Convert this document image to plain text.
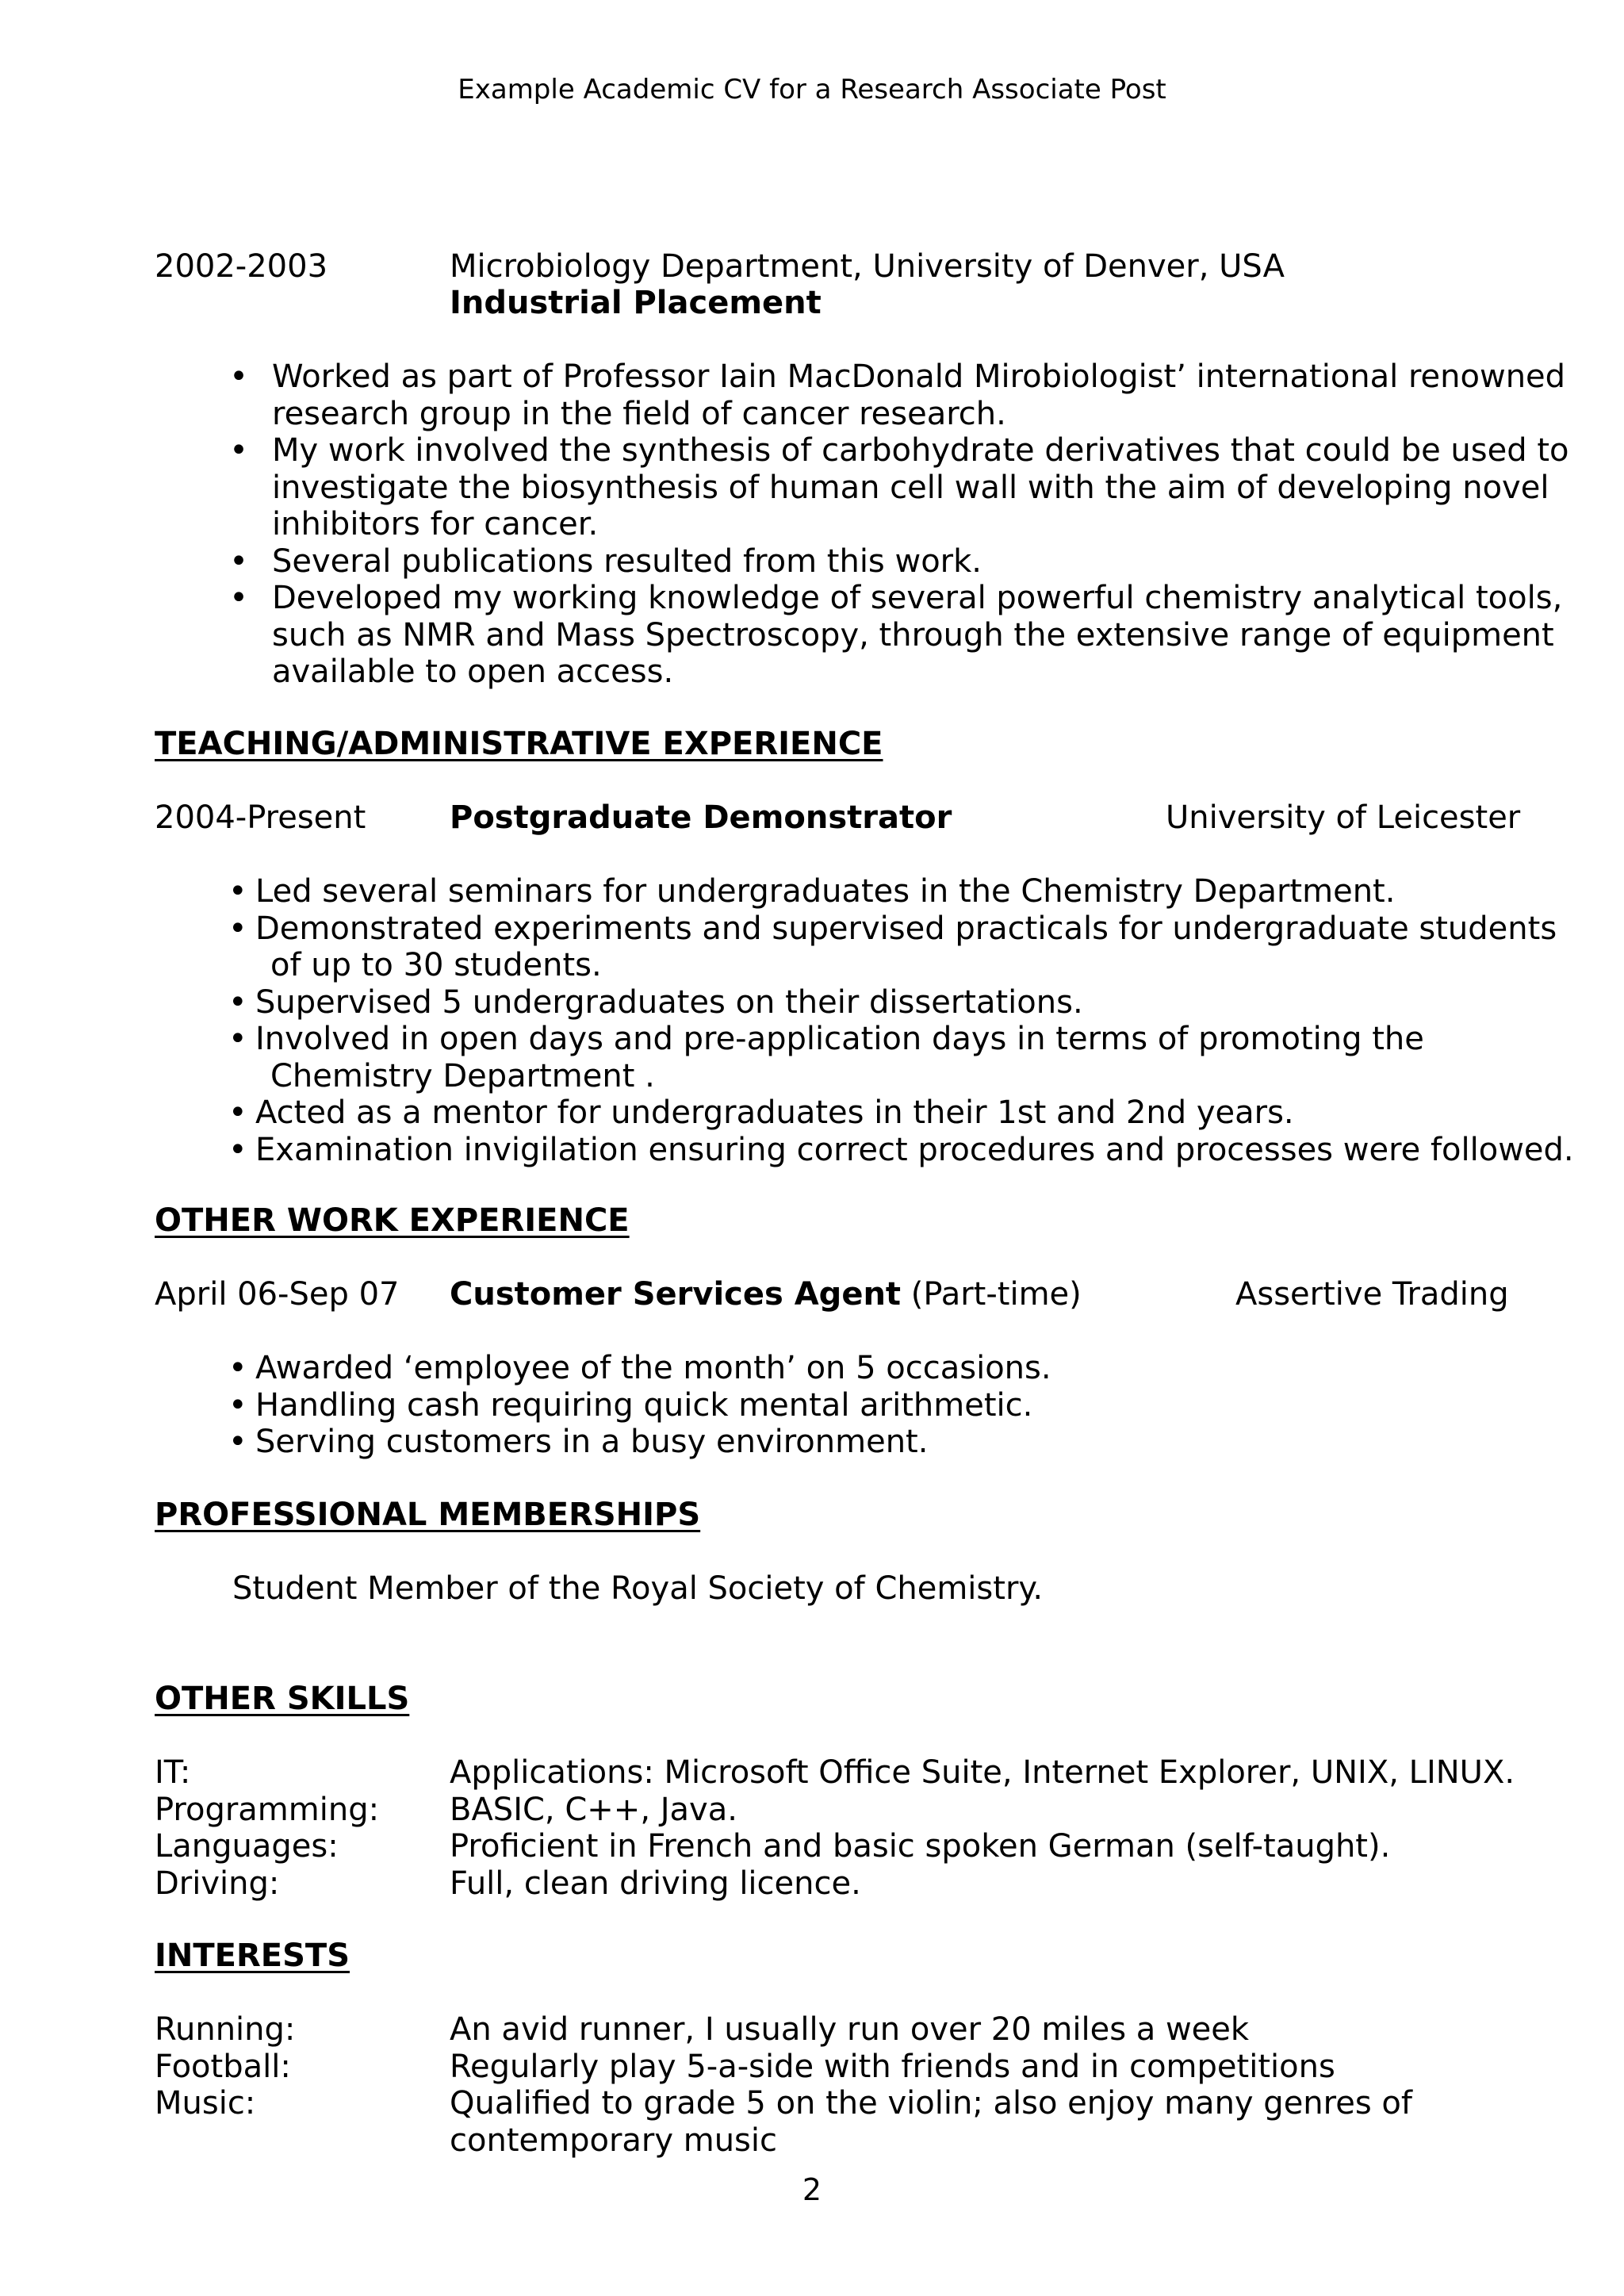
Example Academic CV for a Research Associate Post
2002-2003	Microbiology Department, University of Denver, USA
Industrial Placement
• Worked as part of Professor Iain MacDonald Mirobiologist’ international renowned
research group in the field of cancer research.
• My work involved the synthesis of carbohydrate derivatives that could be used to
investigate the biosynthesis of human cell wall with the aim of developing novel
inhibitors for cancer.
• Several publications resulted from this work.
• Developed my working knowledge of several powerful chemistry analytical tools,
such as NMR and Mass Spectroscopy, through the extensive range of equipment
available to open access.
TEACHING/ADMINISTRATIVE EXPERIENCE
2004-Present	Postgraduate Demonstrator	University of Leicester
• Led several seminars for undergraduates in the Chemistry Department.
• Demonstrated experiments and supervised practicals for undergraduate students
of up to 30 students.
• Supervised 5 undergraduates on their dissertations.
• Involved in open days and pre-application days in terms of promoting the
Chemistry Department .
• Acted as a mentor for undergraduates in their 1st and 2nd years.
• Examination invigilation ensuring correct procedures and processes were followed.
OTHER WORK EXPERIENCE
April 06-Sep 07 Customer Services Agent (Part-time)	Assertive Trading
• Awarded ‘employee of the month’ on 5 occasions.
• Handling cash requiring quick mental arithmetic.
• Serving customers in a busy environment.
PROFESSIONAL MEMBERSHIPS
Student Member of the Royal Society of Chemistry.
OTHER SKILLS
IT:	Applications: Microsoft Office Suite, Internet Explorer, UNIX, LINUX.
Programming: BASIC, C++, Java.
Languages:	Proficient in French and basic spoken German (self-taught).
Driving:	Full, clean driving licence.
INTERESTS
Running:	An avid runner, I usually run over 20 miles a week
Football:	Regularly play 5-a-side with friends and in competitions
Music:	Qualified to grade 5 on the violin; also enjoy many genres of
contemporary music
2
